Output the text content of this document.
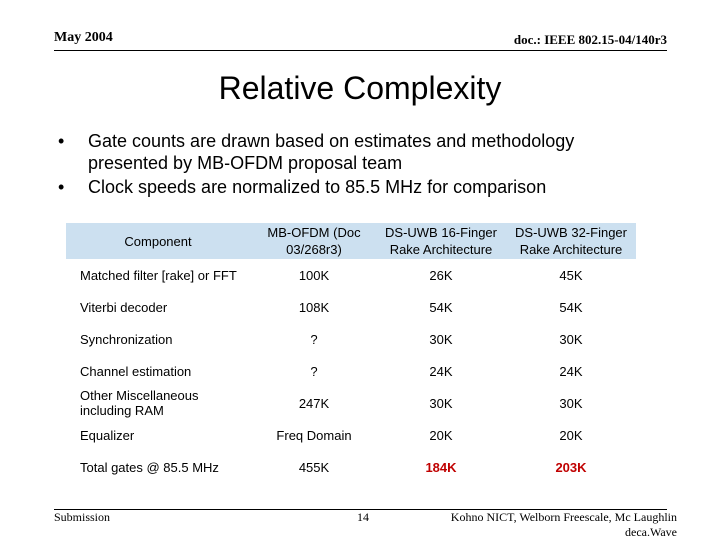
May 2004	doc.: IEEE 802.15-04/140r3
Relative Complexity
•	Gate counts are drawn based on estimates and methodology presented by MB-OFDM proposal team
•	Clock speeds are normalized to 85.5 MHz for comparison
Component	MB-OFDM (Doc 03/268r3)	DS-UWB 16-Finger Rake Architecture	DS-UWB 32-Finger Rake Architecture
Matched filter [rake] or FFT	100K	26K	45K
Viterbi decoder	108K	54K	54K
Synchronization	?	30K	30K
Channel estimation	?	24K	24K
Other Miscellaneous including RAM	247K	30K	30K
Equalizer	Freq Domain	20K	20K
Total gates @ 85.5 MHz	455K	184K	203K
Submission	14	Kohno NICT, Welborn Freescale, Mc Laughlin
deca.Wave
